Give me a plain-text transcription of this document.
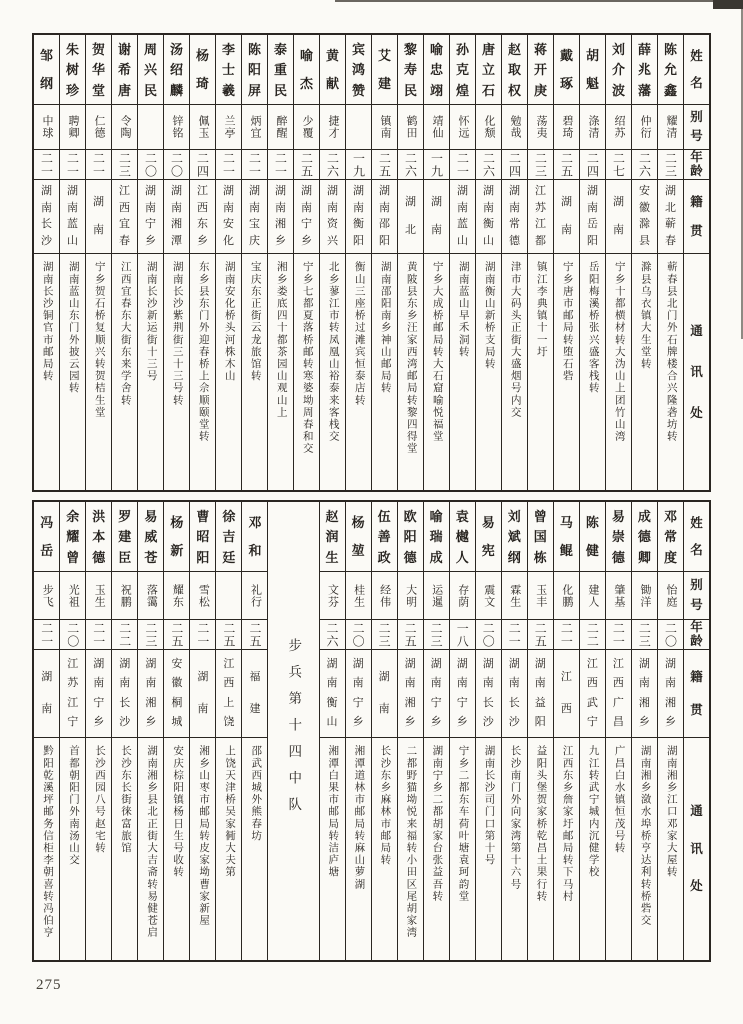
姓
名
别
号
年
龄
籍
贯
通
讯
处
陈
允
鑫
耀清
二三
湖
北
蕲
春
蕲春县北门外石牌楼合兴隆砻坊转
薛
兆
藩
仲衍
二六
安
徽
滁
县
滁县乌衣镇大生堂转
刘
介
波
绍苏
二七
湖
南
宁乡十都横材转大沩山上团竹山湾
胡
魁
涤清
二四
湖
南
岳
阳
岳阳梅溪桥张兴盛客栈转
戴
琢
碧琦
二五
湖
南
宁乡唐市邮局转堕石砦
蒋
开
庚
荡夷
二三
江
苏
江
都
镇江李典镇十一圩
赵
取
权
勉哉
二四
湖
南
常
德
津市大码头正街大盛烟号内交
唐
立
石
化颓
二六
湖
南
衡
山
湖南衡山新桥支局转
孙
克
煌
怀远
二一
湖
南
蓝
山
湖南蓝山早禾洞转
喻
忠
翊
靖仙
一九
湖
南
宁乡大成桥邮局转大石窟喻悦福堂
黎
寿
民
鹤田
二六
湖
北
黄陂县东乡汪家西湾邮局转黎四得堂
艾
建
镇南
二五
湖
南
邵
阳
湖南邵阳南乡神山邮局转
宾
鸿
赞
一九
湖
南
衡
阳
衡山三座桥过滩宾恒泰店转
黄
献
捷才
二六
湖
南
资
兴
北乡蓼江市转凤凰山裕泰来客栈交
喻
杰
少覆
二五
湖
南
宁
乡
宁乡七都夏落桥邮转寒婆坳周春和交
泰
重
民
醉醒
二一
湖
南
湘
乡
湘乡娄底四十都茶园山观山上
陈
阳
屏
炳宜
二一
湖
南
宝
庆
宝庆东正街云龙旅馆转
李
士
羲
兰亭
二一
湖
南
安
化
湖南安化桥头河株木山
杨
琦
佩玉
二四
江
西
东
乡
东乡县东门外迎春桥上佘顺颐堂转
汤
绍
麟
锌铭
二〇
湖
南
湘
潭
湖南长沙紫荆街三十三号转
周
兴
民
二〇
湖
南
宁
乡
湖南长沙新运街十三号
谢
希
唐
令陶
二三
江
西
宜
春
江西宜春东大街东来学舍转
贺
华
堂
仁德
二一
湖
南
宁乡贺石桥复顺兴转贺桔生堂
朱
树
珍
聘卿
二一
湖
南
蓝
山
湖南蓝山东门外披云园转
邹
纲
中球
二一
湖
南
长
沙
湖南长沙铜官市邮局转
姓
名
别
号
年
龄
籍
贯
通
讯
处
邓
常
度
怡庭
二〇
湖
南
湘
乡
湖南湘乡江口邓家大屋转
成
德
卿
锄洋
二三
湖
南
湘
乡
湖南湘乡潋水埠桥亨达利转桥砦交
易
崇
德
肇基
二一
江
西
广
昌
广昌白水镇恒茂号转
陈
健
建人
二二
江
西
武
宁
九江转武宁城内沉健学校
马
鲲
化鹏
二一
江
西
江西东乡詹家圩邮局转下马村
曾
国
栋
玉丰
二五
湖
南
益
阳
益阳头堡贺家桥乾昌土果行转
刘
斌
纲
霖生
二一
湖
南
长
沙
长沙南门外向家湾第十六号
易
宪
震文
二〇
湖
南
长
沙
湖南长沙司门口第十号
袁
樾
人
存荫
一八
湖
南
宁
乡
宁乡二都东车荷叶塘袁珂韵堂
喻
瑞
成
运暹
二三
湖
南
宁
乡
湖南宁乡二都胡家台张益吾转
欧
阳
德
大明
二五
湖
南
湘
乡
二都野猫坳悦来福转小田区尾胡家湾
伍
善
政
经伟
二三
湖
南
长沙东乡麻林市邮局转
杨
堃
桂生
二〇
湖
南
宁
乡
湘潭道林市邮局转麻山萝湖
赵
润
生
文芬
二六
湖
南
衡
山
湘潭白果市邮局转洁庐塘
步兵第十四中队
邓
和
礼行
二五
福
建
邵武西城外熊春坊
徐
吉
廷
二五
江
西
上
饶
上饶天津桥吴家衕大夫第
曹
昭
阳
雪松
二一
湖
南
湘乡山枣市邮局转皮家坳曹家新屋
杨
新
耀东
二五
安
徽
桐
城
安庆棕阳镇杨日生号收转
易
威
苍
落霭
二三
湖
南
湘
乡
湖南湘乡县北正街大吉斋转易健苍启
罗
建
臣
祝鹏
二二
湖
南
长
沙
长沙东长街徕富旅馆
洪
本
德
玉生
二一
湖
南
宁
乡
长沙西园八号赵宅转
余
耀
曾
光祖
二〇
江
苏
江
宁
首都朝阳门外南汤山交
冯
岳
步飞
二一
湖
南
黔阳乾溪坪邮务信柜李朝喜转冯伯亨
275
